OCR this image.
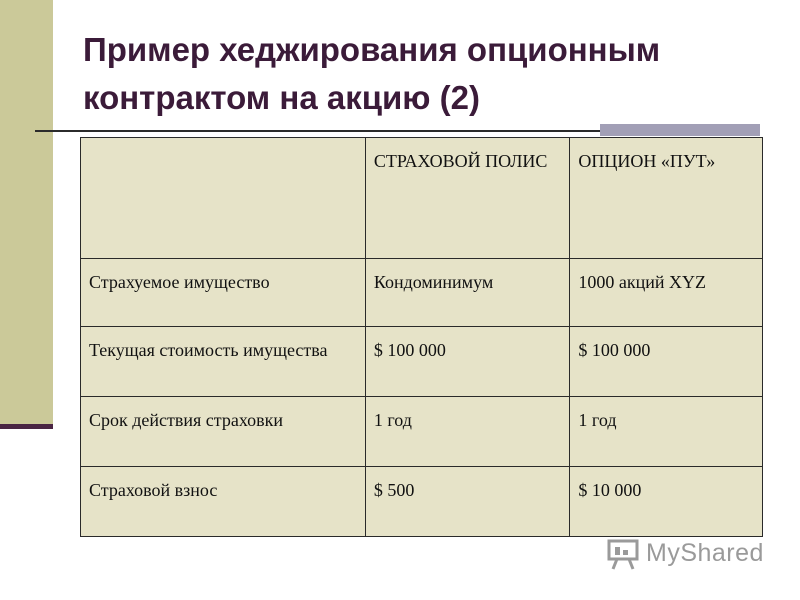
Пример хеджирования опционным контрактом на акцию (2)

	СТРАХОВОЙ ПОЛИС	ОПЦИОН «ПУТ»

Страхуемое имущество	Кондоминимум	1000 акций XYZ

Текущая стоимость имущества	$ 100 000	$ 100 000
Срок действия страховки	1 год	1 год
Страховой взнос	$ 500	$ 10 000
MyShared
